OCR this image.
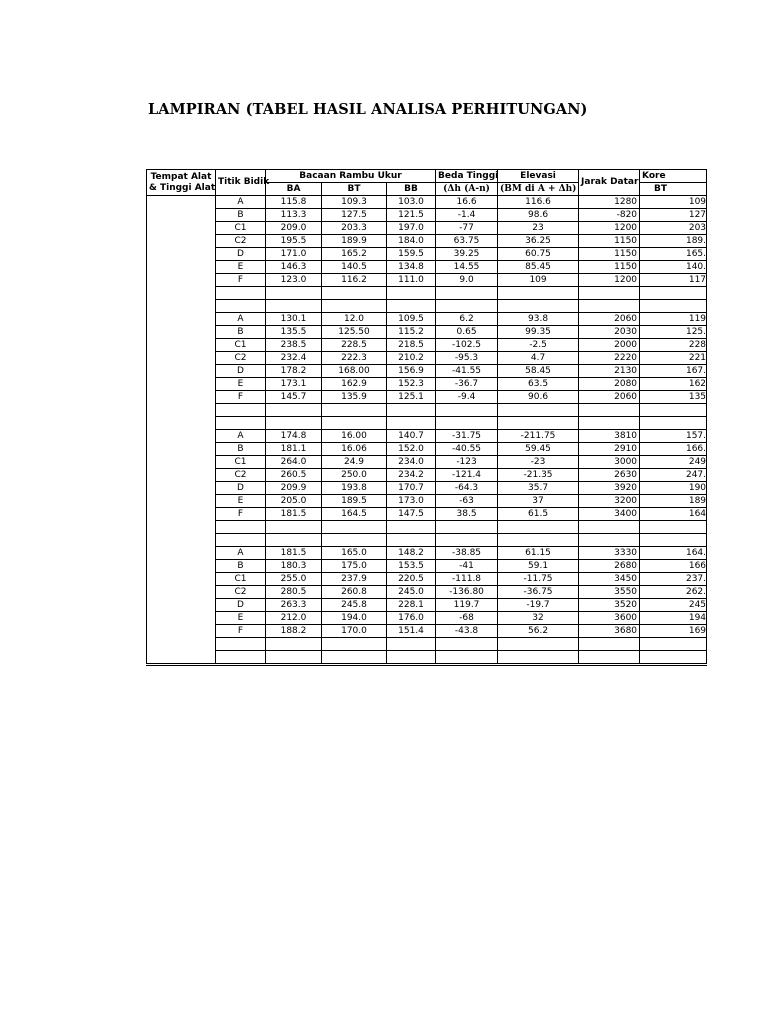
LAMPIRAN (TABEL HASIL ANALISA PERHITUNGAN)
Tempat Alat
& Tinggi Alat	Titik Bidik	Bacaan Rambu Ukur			Beda Tinggi	Elevasi	Jarak Datar	Kore
		BA	BT	BB	(Δh (A-n)	(BM di A + Δh)		BT
	A	115.8	109.3	103.0	16.6	116.6	1280	109
	B	113.3	127.5	121.5	-1.4	98.6	-820	127
	C1	209.0	203.3	197.0	-77	23	1200	203
	C2	195.5	189.9	184.0	63.75	36.25	1150	189.
	D	171.0	165.2	159.5	39.25	60.75	1150	165.
	E	146.3	140.5	134.8	14.55	85.45	1150	140.
	F	123.0	116.2	111.0	9.0	109	1200	117

	A	130.1	12.0	109.5	6.2	93.8	2060	119
	B	135.5	125.50	115.2	0.65	99.35	2030	125.
	C1	238.5	228.5	218.5	-102.5	-2.5	2000	228
	C2	232.4	222.3	210.2	-95.3	4.7	2220	221
	D	178.2	168.00	156.9	-41.55	58.45	2130	167.
	E	173.1	162.9	152.3	-36.7	63.5	2080	162
	F	145.7	135.9	125.1	-9.4	90.6	2060	135

	A	174.8	16.00	140.7	-31.75	-211.75	3810	157.
	B	181.1	16.06	152.0	-40.55	59.45	2910	166.
	C1	264.0	24.9	234.0	-123	-23	3000	249
	C2	260.5	250.0	234.2	-121.4	-21.35	2630	247.
	D	209.9	193.8	170.7	-64.3	35.7	3920	190
	E	205.0	189.5	173.0	-63	37	3200	189
	F	181.5	164.5	147.5	38.5	61.5	3400	164

	A	181.5	165.0	148.2	-38.85	61.15	3330	164.
	B	180.3	175.0	153.5	-41	59.1	2680	166
	C1	255.0	237.9	220.5	-111.8	-11.75	3450	237.
	C2	280.5	260.8	245.0	-136.80	-36.75	3550	262.
	D	263.3	245.8	228.1	119.7	-19.7	3520	245
	E	212.0	194.0	176.0	-68	32	3600	194
	F	188.2	170.0	151.4	-43.8	56.2	3680	169
